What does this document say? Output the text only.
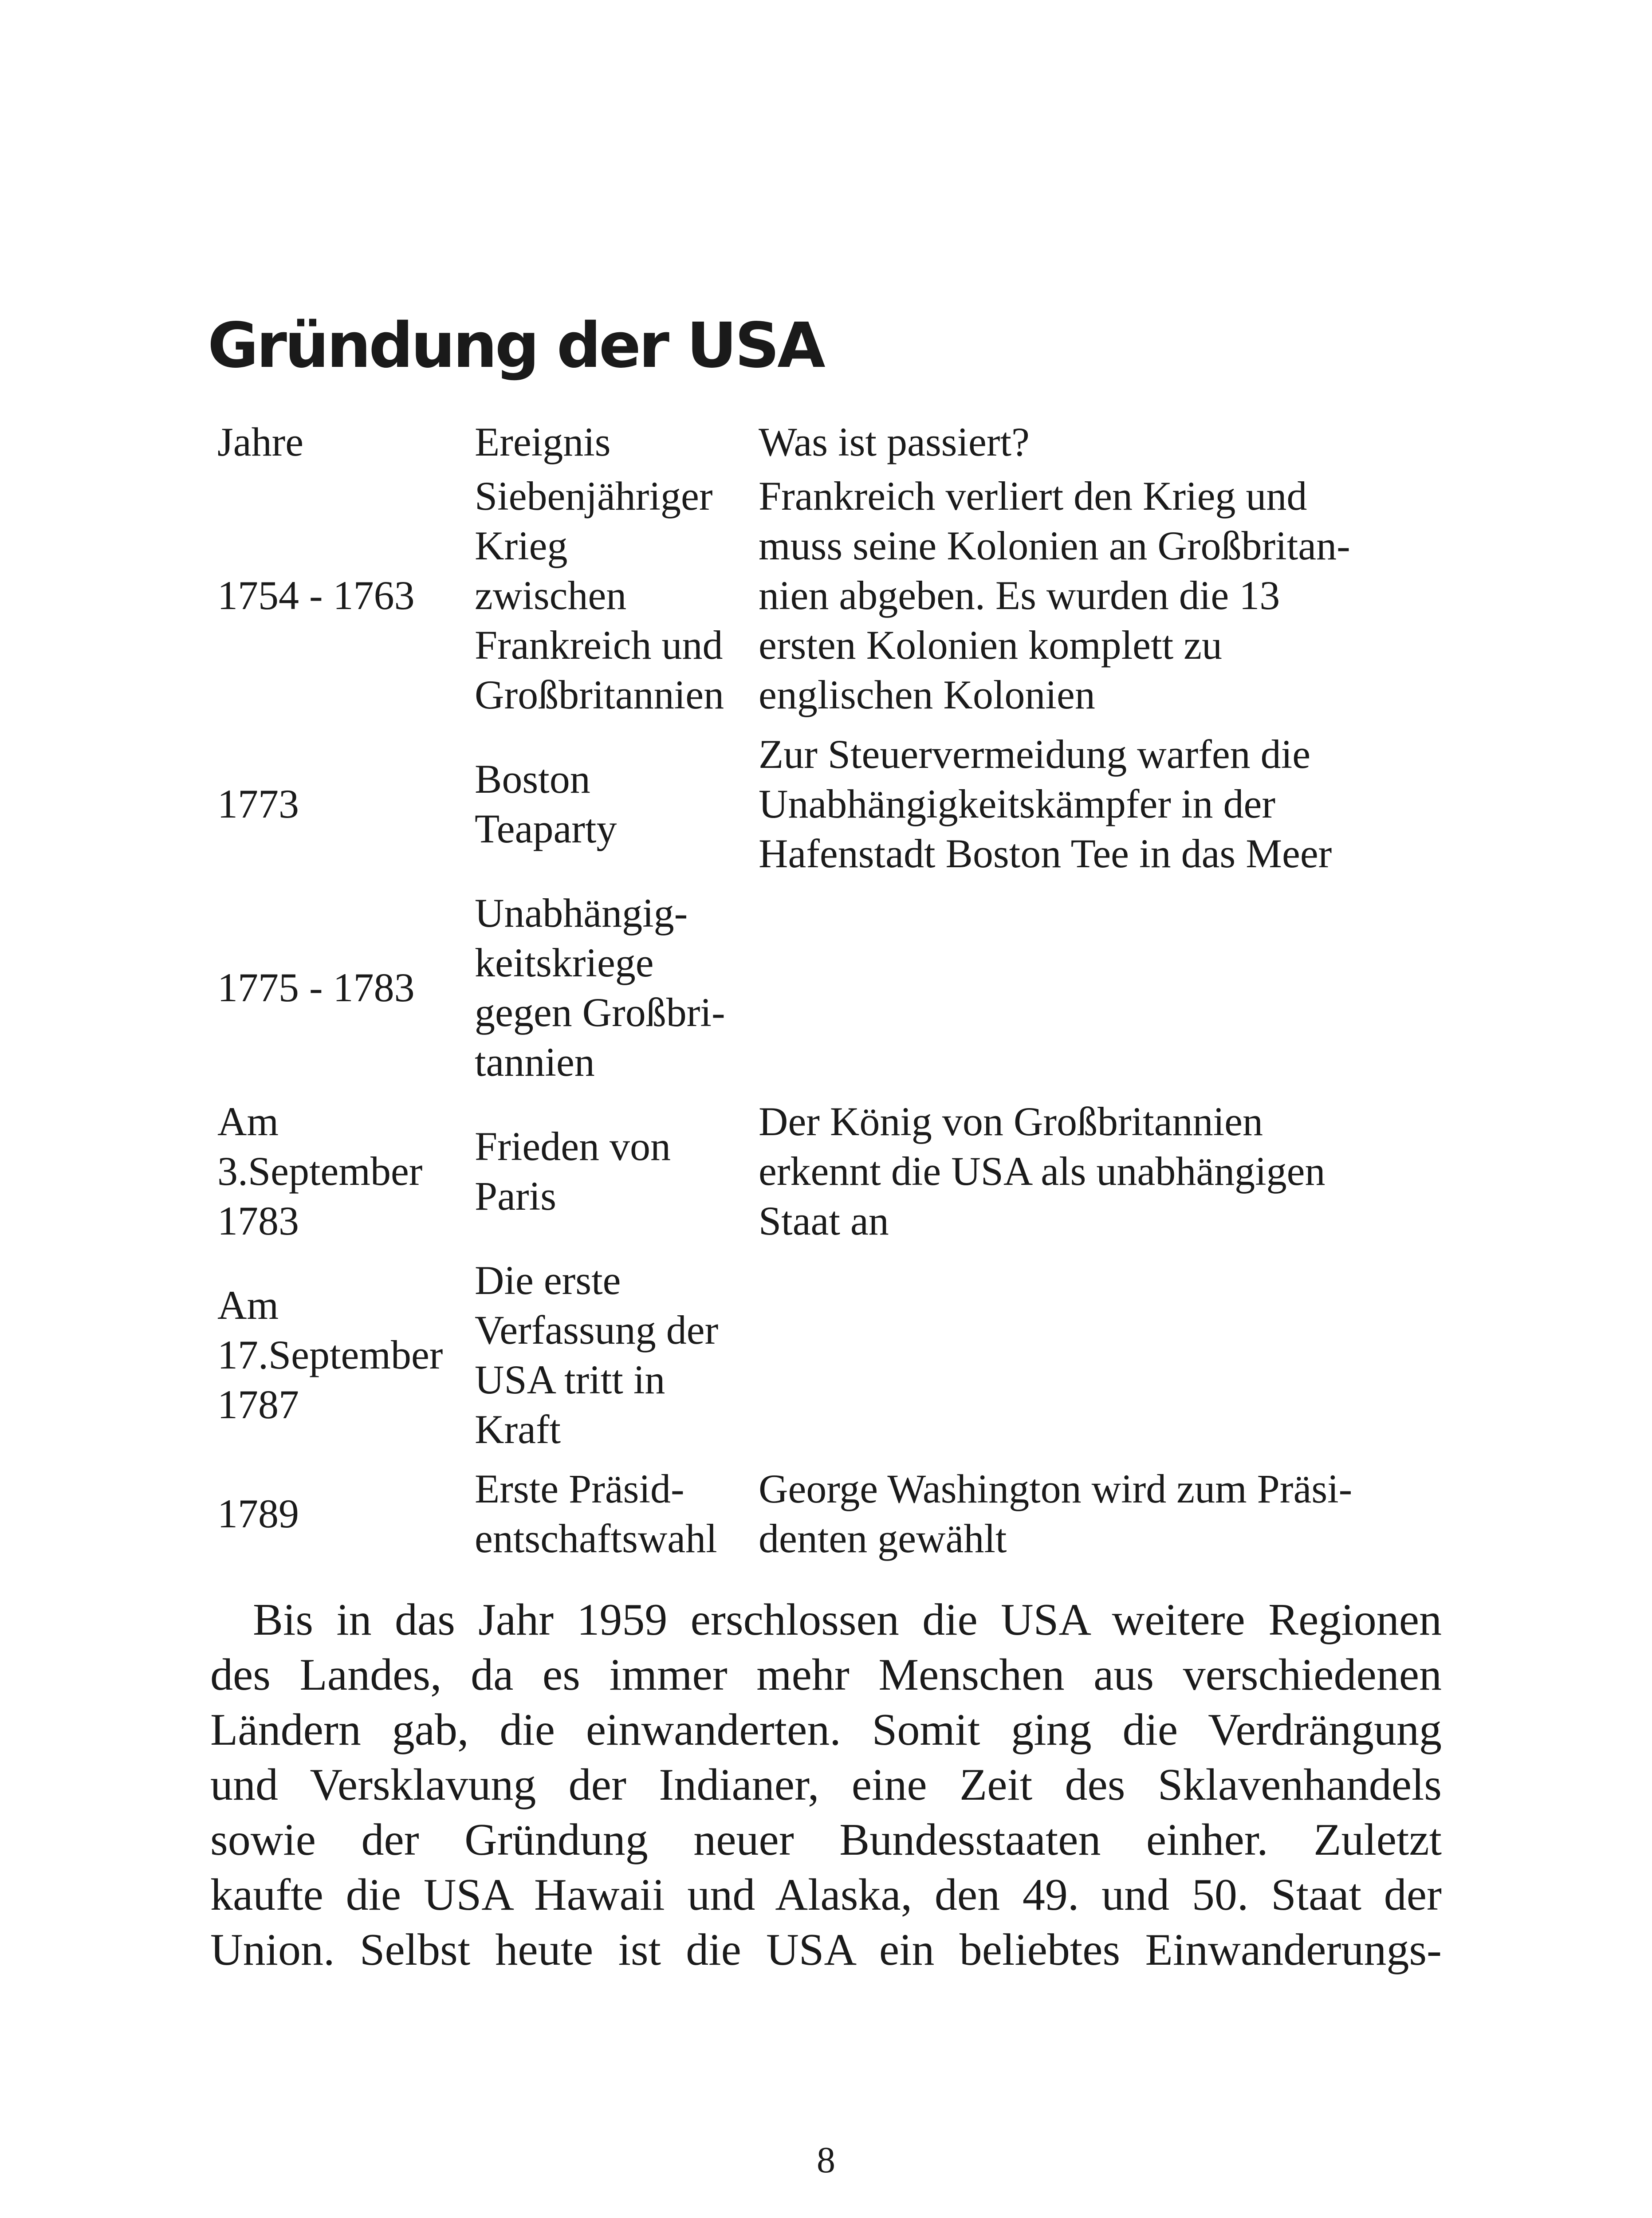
Gründung der USA
Jahre	Ereignis	Was ist passiert?
1754 - 1763
Siebenjähriger
Krieg
zwischen
Frankreich und
Großbritannien
Frankreich verliert den Krieg und
muss seine Kolonien an Großbritan-
nien abgeben. Es wurden die 13
ersten Kolonien komplett zu
englischen Kolonien
1773
Boston
Teaparty
Zur Steuervermeidung warfen die
Unabhängigkeitskämpfer in der
Hafenstadt Boston Tee in das Meer
1775 - 1783
Unabhängig-
keitskriege
gegen Großbri-
tannien
Am
3.September
1783
Frieden von
Paris
Der König von Großbritannien
erkennt die USA als unabhängigen
Staat an
Am
17.September
1787
Die erste
Verfassung der
USA tritt in
Kraft
1789
Erste Präsid-
entschaftswahl
George Washington wird zum Präsi-
denten gewählt
Bis in das Jahr 1959 erschlossen die USA weitere Regionen
des Landes, da es immer mehr Menschen aus verschiedenen
Ländern gab, die einwanderten. Somit ging die Verdrängung
und Versklavung der Indianer, eine Zeit des Sklavenhandels
sowie der Gründung neuer Bundesstaaten einher. Zuletzt
kaufte die USA Hawaii und Alaska, den 49. und 50. Staat der
Union. Selbst heute ist die USA ein beliebtes Einwanderungs-
8
